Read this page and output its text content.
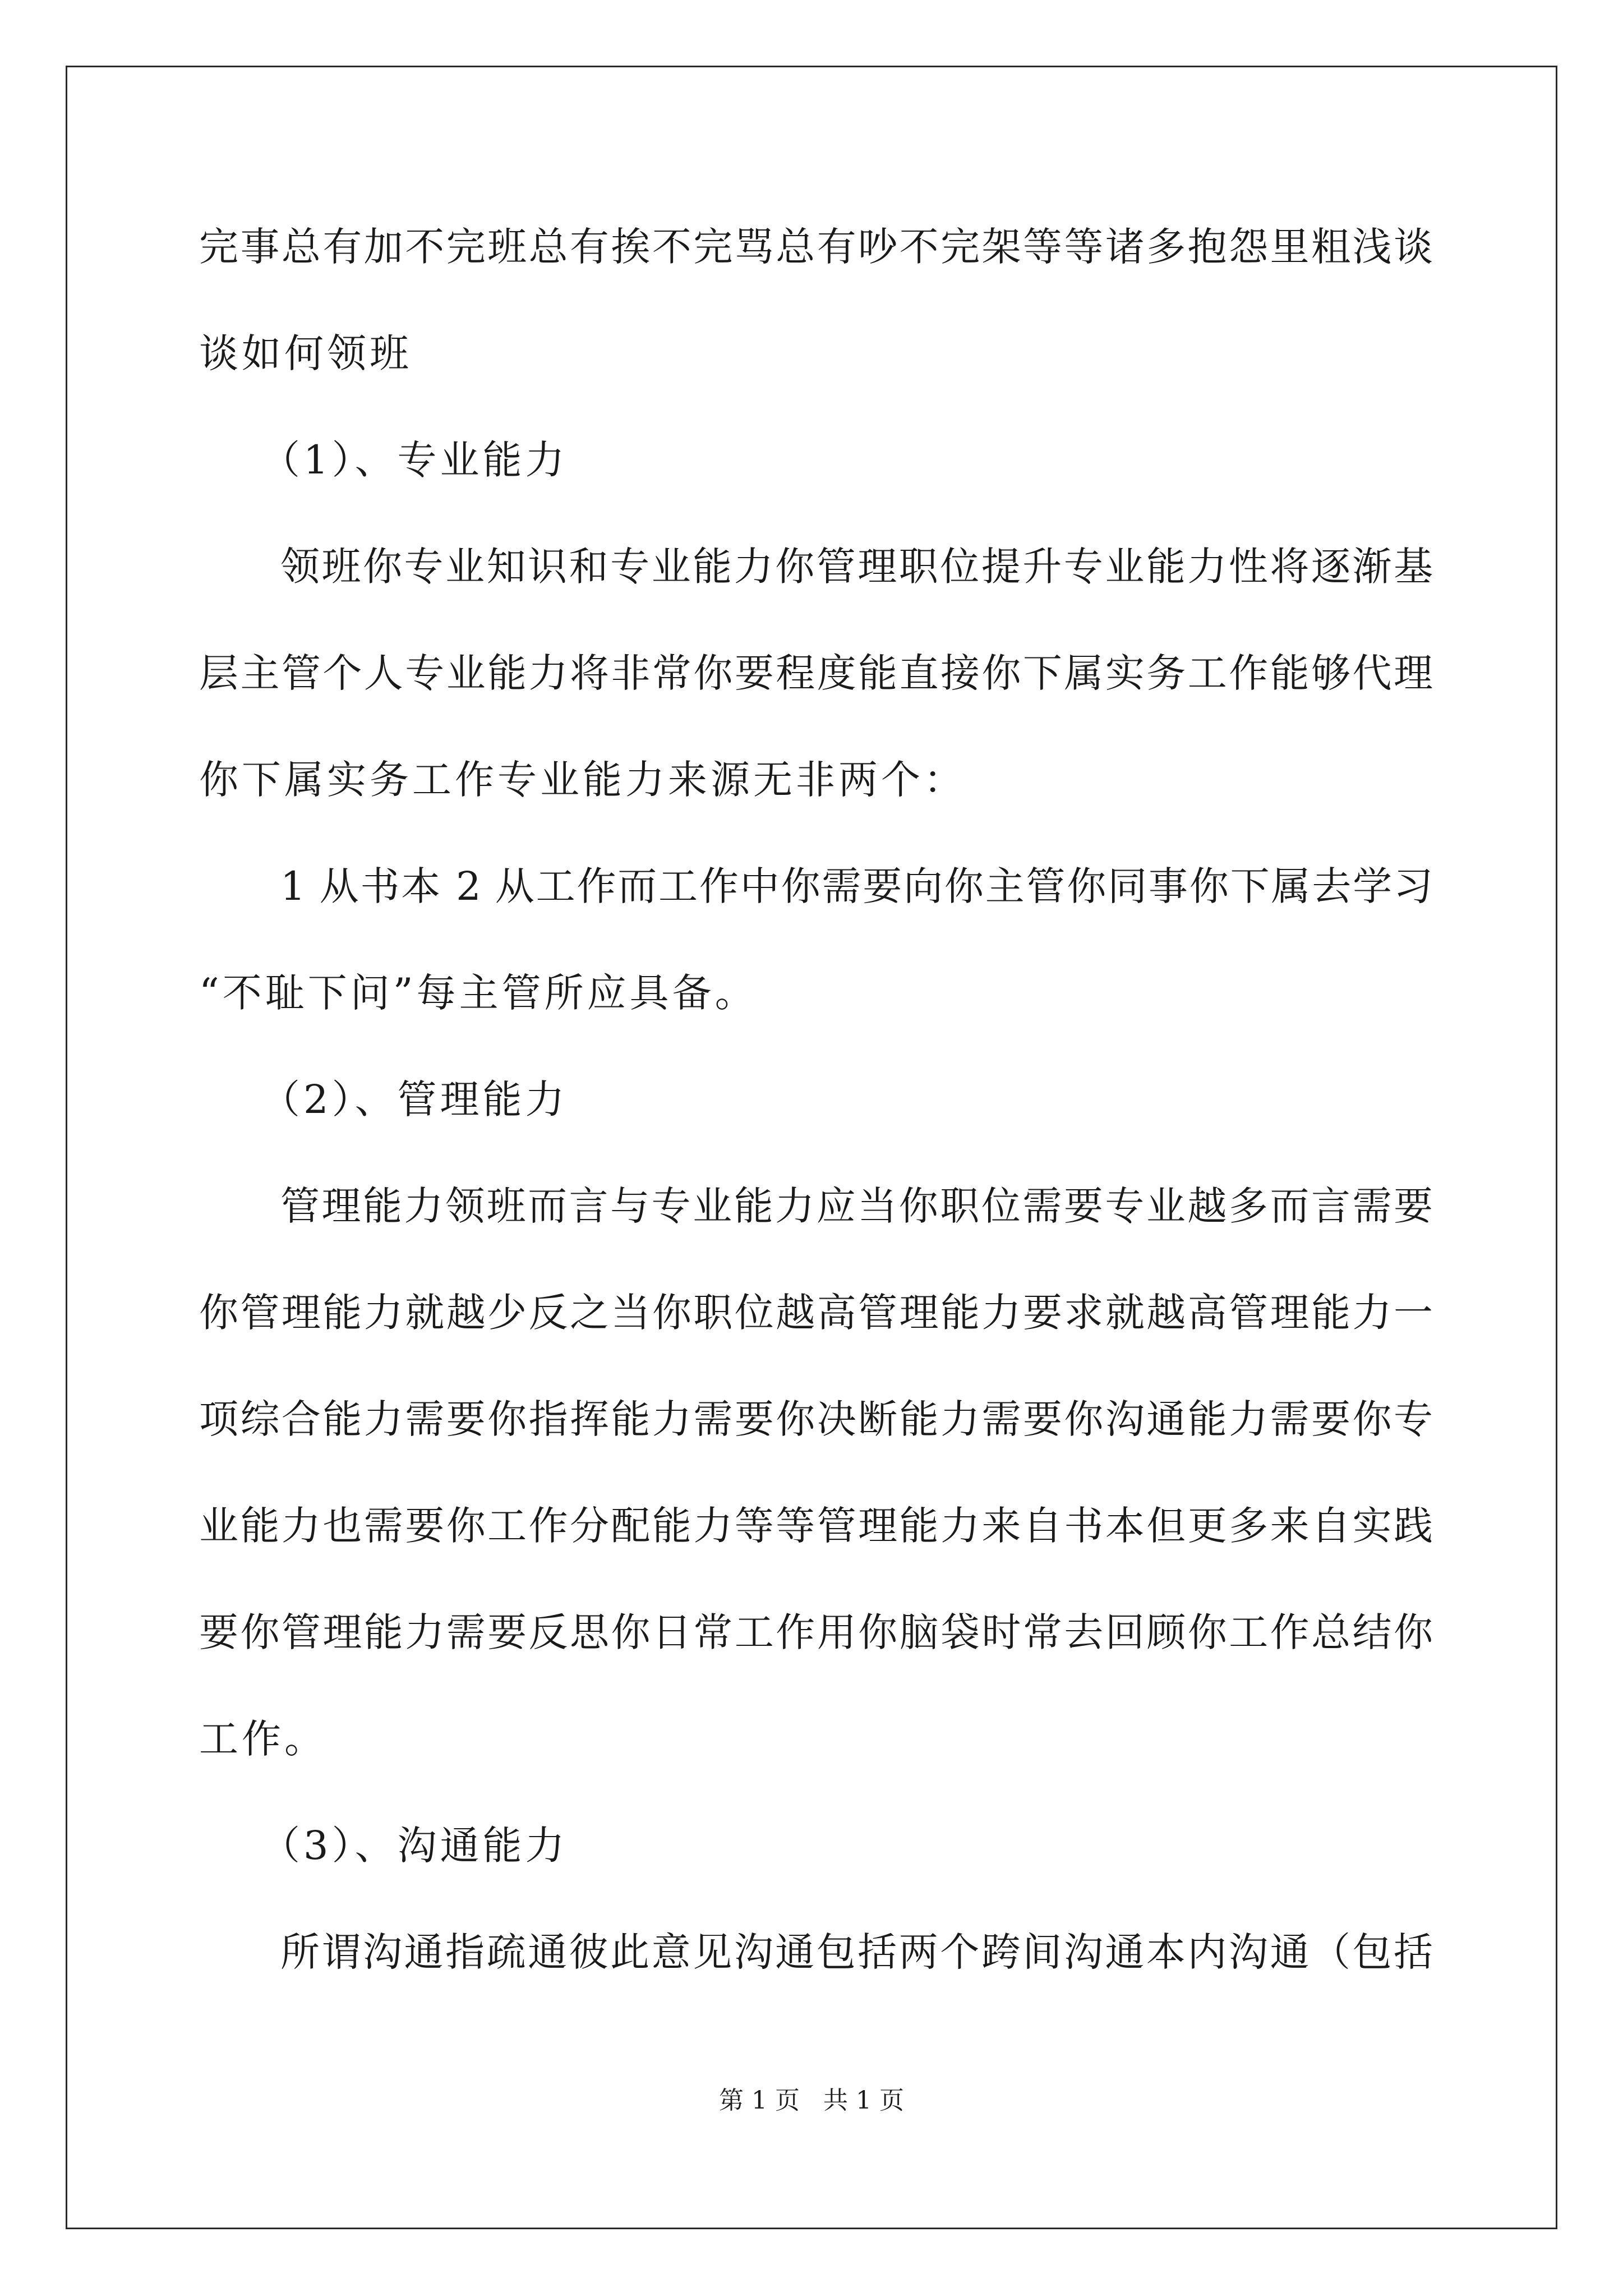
完事总有加不完班总有挨不完骂总有吵不完架等等诸多抱怨里粗浅谈
谈如何领班
（1）、专业能力
领班你专业知识和专业能力你管理职位提升专业能力性将逐渐基
层主管个人专业能力将非常你要程度能直接你下属实务工作能够代理
你下属实务工作专业能力来源无非两个：
1 从书本 2 从工作而工作中你需要向你主管你同事你下属去学习
“不耻下问”每主管所应具备。
（2）、管理能力
管理能力领班而言与专业能力应当你职位需要专业越多而言需要
你管理能力就越少反之当你职位越高管理能力要求就越高管理能力一
项综合能力需要你指挥能力需要你决断能力需要你沟通能力需要你专
业能力也需要你工作分配能力等等管理能力来自书本但更多来自实践
要你管理能力需要反思你日常工作用你脑袋时常去回顾你工作总结你
工作。
（3）、沟通能力
所谓沟通指疏通彼此意见沟通包括两个跨间沟通本内沟通（包括
第 1 页 共 1 页
